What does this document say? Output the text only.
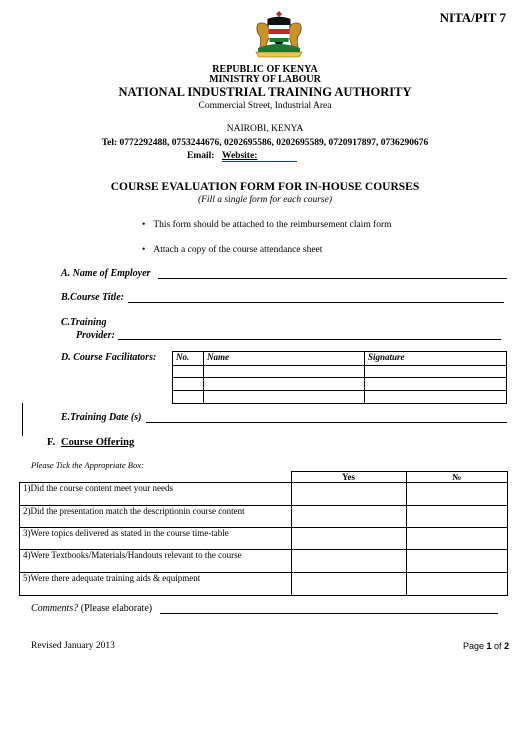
NITA/PIT 7
REPUBLIC OF KENYA
MINISTRY OF LABOUR
NATIONAL INDUSTRIAL TRAINING AUTHORITY
Commercial Street, Industrial Area
NAIROBI, KENYA
Tel: 0772292488, 0753244676, 0202695586, 0202695589, 0720917897, 0736290676
Email: Website:
COURSE EVALUATION FORM FOR IN-HOUSE COURSES
(Fill a single form for each course)
• This form should be attached to the reimbursement claim form
• Attach a copy of the course attendance sheet
A. Name of Employer
B.Course Title:
C.Training
Provider:
D. Course Facilitators: No.	Name	Signature

E.Training Date (s)
F. Course Offering
Please Tick the Appropriate Box:
	Yes	№
1)Did the course content meet your needs		
2)Did the presentation match the descriptionin course content		
3)Were topics delivered as stated in the course time-table		
4)Were Textbooks/Materials/Handouts relevant to the course		
5)Were there adequate training aids & equipment		
Comments? (Please elaborate)
Revised January 2013	Page 1 of 2
